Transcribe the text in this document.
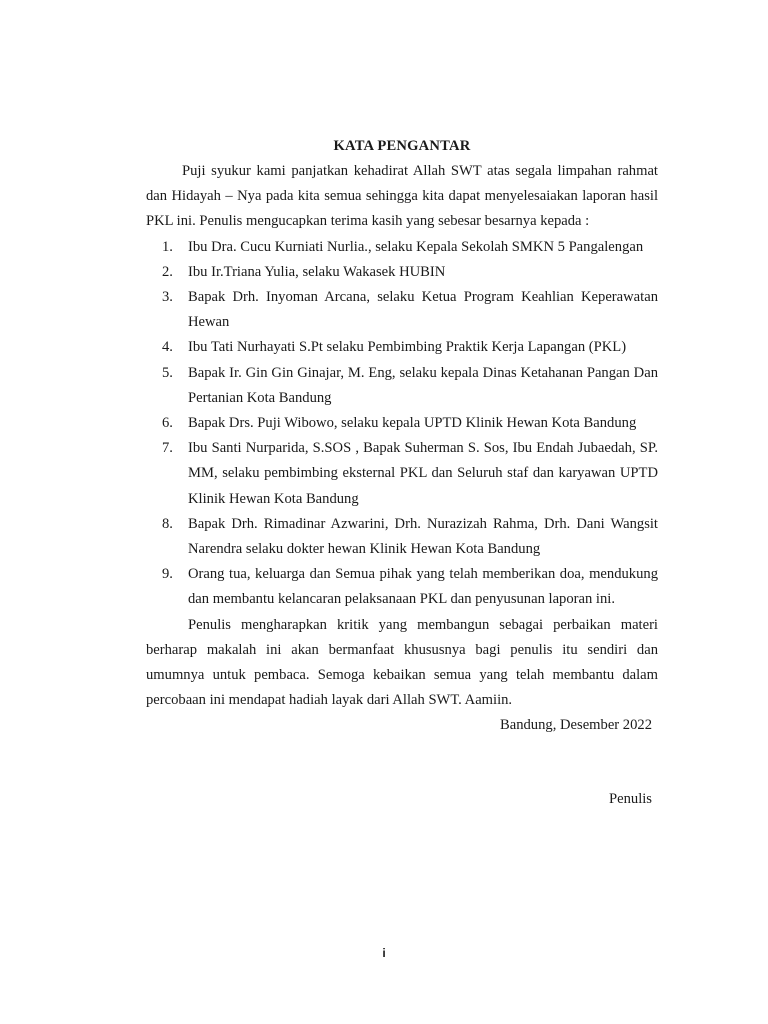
KATA PENGANTAR

Puji syukur kami panjatkan kehadirat Allah SWT atas segala limpahan rahmat dan Hidayah – Nya pada kita semua sehingga kita dapat menyelesaiakan laporan hasil PKL ini. Penulis mengucapkan terima kasih yang sebesar besarnya kepada :

1. Ibu Dra. Cucu Kurniati Nurlia., selaku Kepala Sekolah SMKN 5 Pangalengan
2. Ibu Ir.Triana Yulia, selaku Wakasek HUBIN
3. Bapak Drh. Inyoman Arcana, selaku Ketua Program Keahlian Keperawatan Hewan
4. Ibu Tati Nurhayati S.Pt selaku Pembimbing Praktik Kerja Lapangan (PKL)
5. Bapak Ir. Gin Gin Ginajar, M. Eng, selaku kepala Dinas Ketahanan Pangan Dan Pertanian Kota Bandung
6. Bapak Drs. Puji Wibowo, selaku kepala UPTD Klinik Hewan Kota Bandung
7. Ibu Santi Nurparida, S.SOS , Bapak Suherman S. Sos, Ibu Endah Jubaedah, SP. MM, selaku pembimbing eksternal PKL dan Seluruh staf dan karyawan UPTD Klinik Hewan Kota Bandung
8. Bapak Drh. Rimadinar Azwarini, Drh. Nurazizah Rahma, Drh. Dani Wangsit Narendra selaku dokter hewan Klinik Hewan Kota Bandung
9. Orang tua, keluarga dan Semua pihak yang telah memberikan doa, mendukung dan membantu kelancaran pelaksanaan PKL dan penyusunan laporan ini.

Penulis mengharapkan kritik yang membangun sebagai perbaikan materi berharap makalah ini akan bermanfaat khususnya bagi penulis itu sendiri dan umumnya untuk pembaca. Semoga kebaikan semua yang telah membantu dalam percobaan ini mendapat hadiah layak dari Allah SWT. Aamiin.

Bandung, Desember 2022

Penulis

i
